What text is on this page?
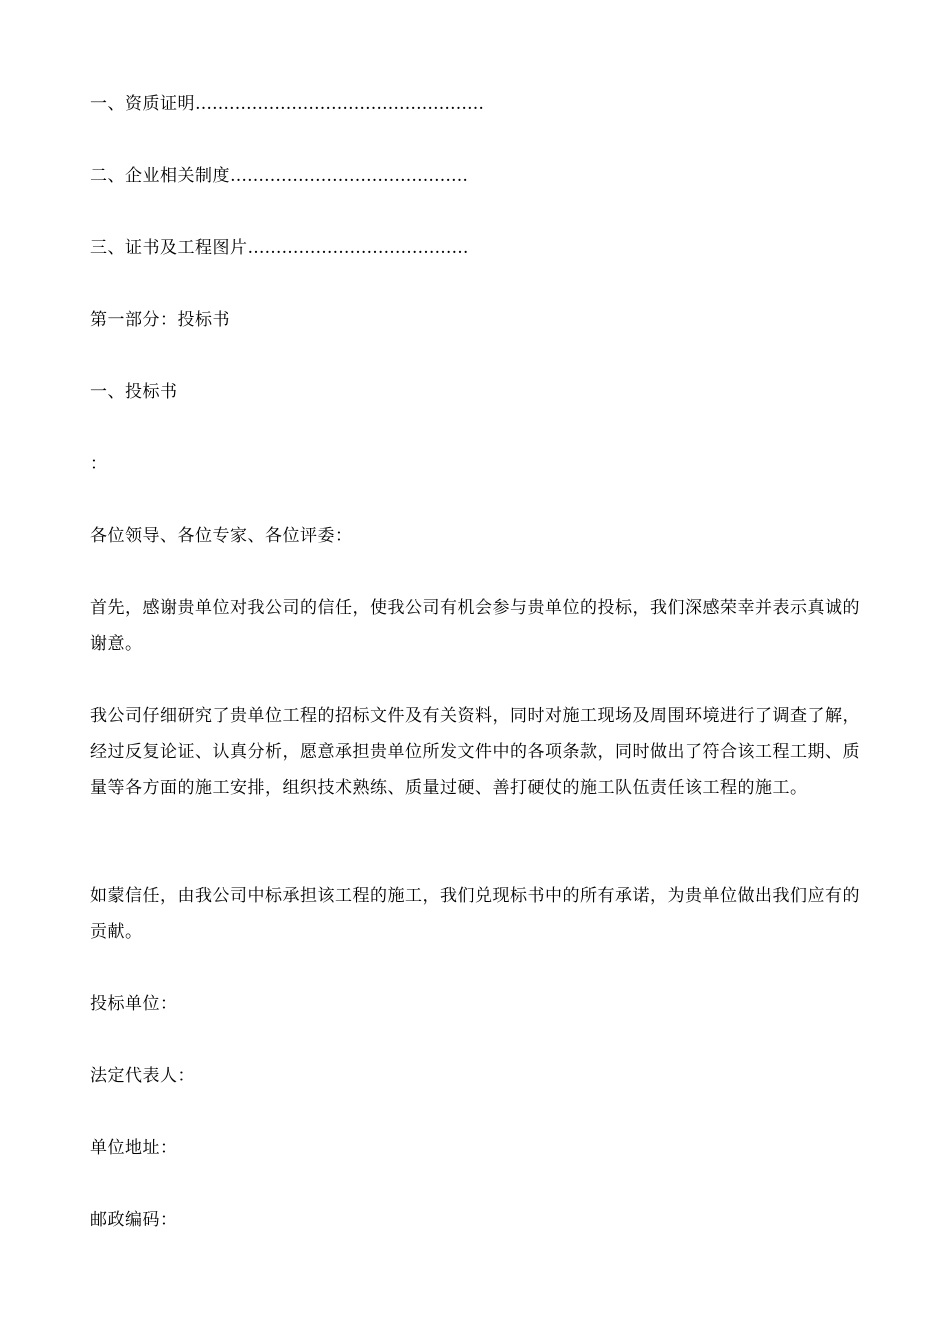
一、资质证明……………………………………………
二、企业相关制度……………………………………
三、证书及工程图片…………………………………
第一部分：投标书
一、投标书
：
各位领导、各位专家、各位评委：
首先，感谢贵单位对我公司的信任，使我公司有机会参与贵单位的投标，我们深感荣幸并表示真诚的谢意。
我公司仔细研究了贵单位工程的招标文件及有关资料，同时对施工现场及周围环境进行了调查了解，经过反复论证、认真分析，愿意承担贵单位所发文件中的各项条款，同时做出了符合该工程工期、质量等各方面的施工安排，组织技术熟练、质量过硬、善打硬仗的施工队伍责任该工程的施工。
如蒙信任，由我公司中标承担该工程的施工，我们兑现标书中的所有承诺，为贵单位做出我们应有的贡献。
投标单位：
法定代表人：
单位地址：
邮政编码：
